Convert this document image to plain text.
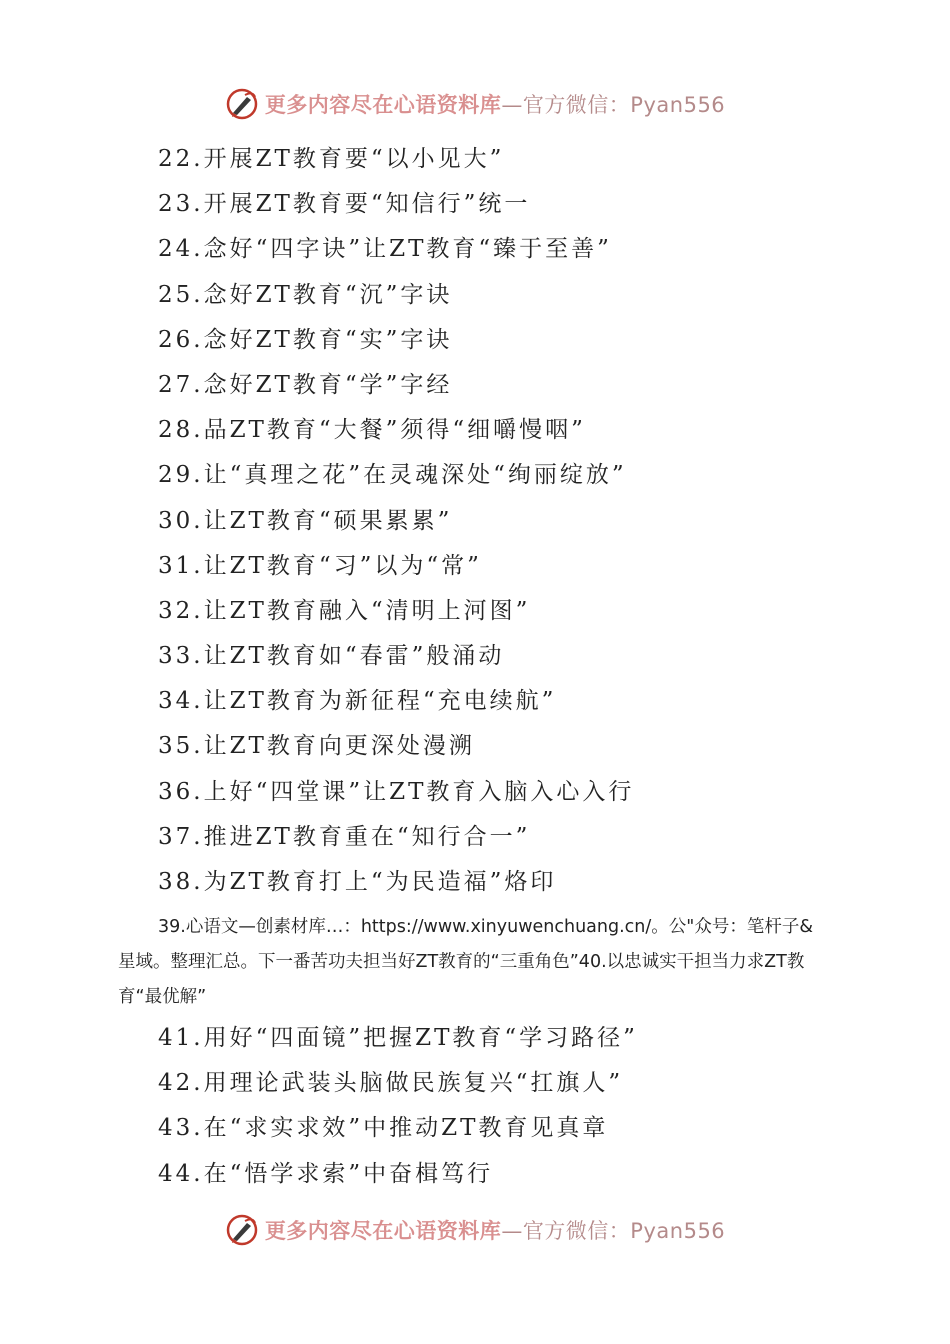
更多内容尽在心语资料库—官方微信：Pyan556
22.开展ZT教育要“以小见大”
23.开展ZT教育要“知信行”统一
24.念好“四字诀”让ZT教育“臻于至善”
25.念好ZT教育“沉”字诀
26.念好ZT教育“实”字诀
27.念好ZT教育“学”字经
28.品ZT教育“大餐”须得“细嚼慢咽”
29.让“真理之花”在灵魂深处“绚丽绽放”
30.让ZT教育“硕果累累”
31.让ZT教育“习”以为“常”
32.让ZT教育融入“清明上河图”
33.让ZT教育如“春雷”般涌动
34.让ZT教育为新征程“充电续航”
35.让ZT教育向更深处漫溯
36.上好“四堂课”让ZT教育入脑入心入行
37.推进ZT教育重在“知行合一”
38.为ZT教育打上“为民造福”烙印

39.心语文—创素材库…：https://www.xinyuwenchuang.cn/。公"众号：笔杆子&星域。整理汇总。下一番苦功夫担当好ZT教育的“三重角色”40.以忠诚实干担当力求ZT教育“最优解”

41.用好“四面镜”把握ZT教育“学习路径”
42.用理论武装头脑做民族复兴“扛旗人”
43.在“求实求效”中推动ZT教育见真章
44.在“悟学求索”中奋楫笃行
更多内容尽在心语资料库—官方微信：Pyan556
